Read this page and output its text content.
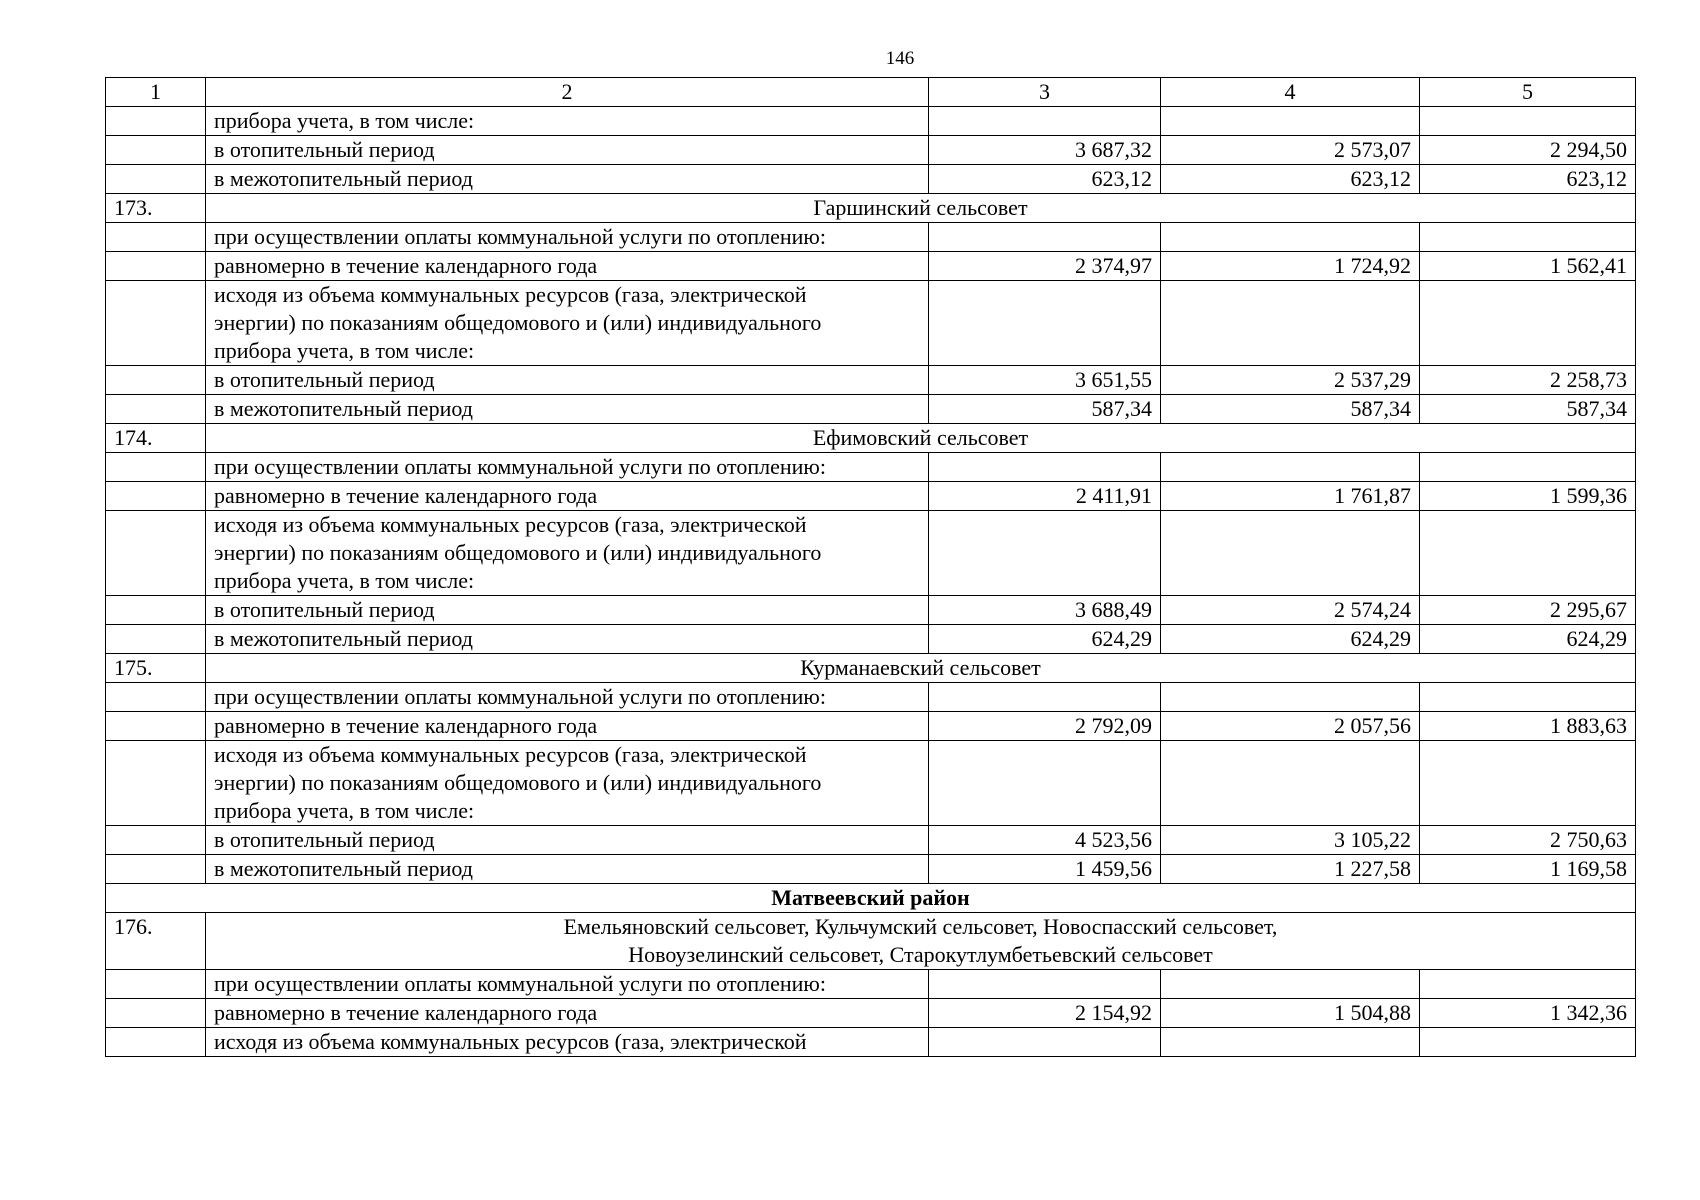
146
1	2	3	4	5
	прибора учета, в том числе:			
	в отопительный период	3 687,32	2 573,07	2 294,50
	в межотопительный период	623,12	623,12	623,12
173.	Гаршинский сельсовет			
	при осуществлении оплаты коммунальной услуги по отоплению:			
	равномерно в течение календарного года	2 374,97	1 724,92	1 562,41
	исходя из объема коммунальных ресурсов (газа, электрической
энергии) по показаниям общедомового и (или) индивидуального
прибора учета, в том числе:			
	в отопительный период	3 651,55	2 537,29	2 258,73
	в межотопительный период	587,34	587,34	587,34
174.	Ефимовский сельсовет			
	при осуществлении оплаты коммунальной услуги по отоплению:			
	равномерно в течение календарного года	2 411,91	1 761,87	1 599,36
	исходя из объема коммунальных ресурсов (газа, электрической
энергии) по показаниям общедомового и (или) индивидуального
прибора учета, в том числе:			
	в отопительный период	3 688,49	2 574,24	2 295,67
	в межотопительный период	624,29	624,29	624,29
175.	Курманаевский сельсовет			
	при осуществлении оплаты коммунальной услуги по отоплению:			
	равномерно в течение календарного года	2 792,09	2 057,56	1 883,63
	исходя из объема коммунальных ресурсов (газа, электрической
энергии) по показаниям общедомового и (или) индивидуального
прибора учета, в том числе:			
	в отопительный период	4 523,56	3 105,22	2 750,63
	в межотопительный период	1 459,56	1 227,58	1 169,58
Матвеевский район				
176.	Емельяновский сельсовет, Кульчумский сельсовет, Новоспасский сельсовет,
Новоузелинский сельсовет, Старокутлумбетьевский сельсовет			
	при осуществлении оплаты коммунальной услуги по отоплению:			
	равномерно в течение календарного года	2 154,92	1 504,88	1 342,36
	исходя из объема коммунальных ресурсов (газа, электрической			
